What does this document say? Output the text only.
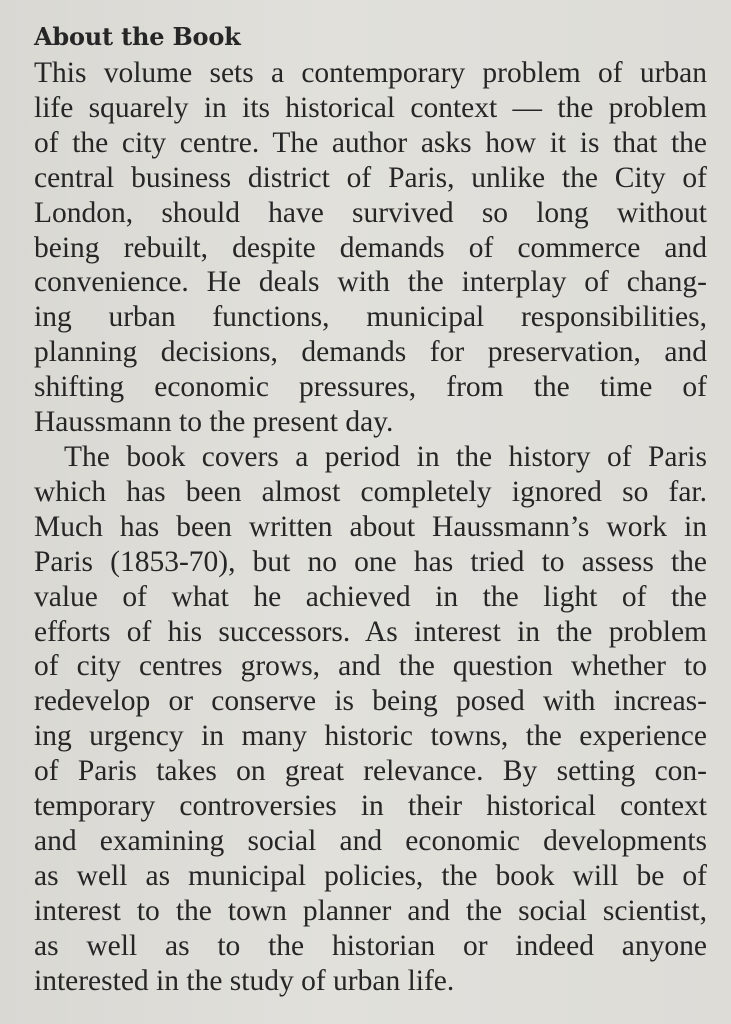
About the Book

This volume sets a contemporary problem of urban
life squarely in its historical context — the problem
of the city centre. The author asks how it is that the
central business district of Paris, unlike the City of
London, should have survived so long without
being rebuilt, despite demands of commerce and
convenience. He deals with the interplay of chang-
ing urban functions, municipal responsibilities,
planning decisions, demands for preservation, and
shifting economic pressures, from the time of
Haussmann to the present day.

The book covers a period in the history of Paris
which has been almost completely ignored so far.
Much has been written about Haussmann’s work in
Paris (1853-70), but no one has tried to assess the
value of what he achieved in the light of the
efforts of his successors. As interest in the problem
of city centres grows, and the question whether to
redevelop or conserve is being posed with increas-
ing urgency in many historic towns, the experience
of Paris takes on great relevance. By setting con-
temporary controversies in their historical context
and examining social and economic developments
as well as municipal policies, the book will be of
interest to the town planner and the social scientist,
as well as to the historian or indeed anyone
interested in the study of urban life.
